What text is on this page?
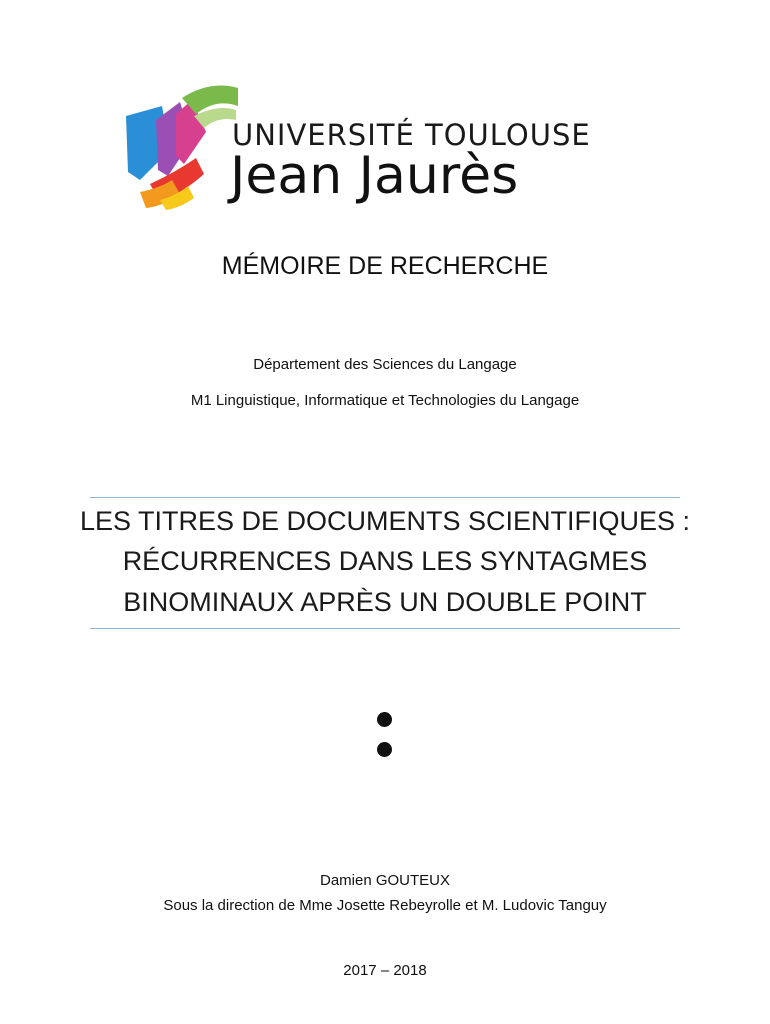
UNIVERSITÉ TOULOUSE
Jean Jaurès
MÉMOIRE DE RECHERCHE
Département des Sciences du Langage
M1 Linguistique, Informatique et Technologies du Langage
LES TITRES DE DOCUMENTS SCIENTIFIQUES :
RÉCURRENCES DANS LES SYNTAGMES
BINOMINAUX APRÈS UN DOUBLE POINT
Damien GOUTEUX
Sous la direction de Mme Josette Rebeyrolle et M. Ludovic Tanguy
2017 – 2018
